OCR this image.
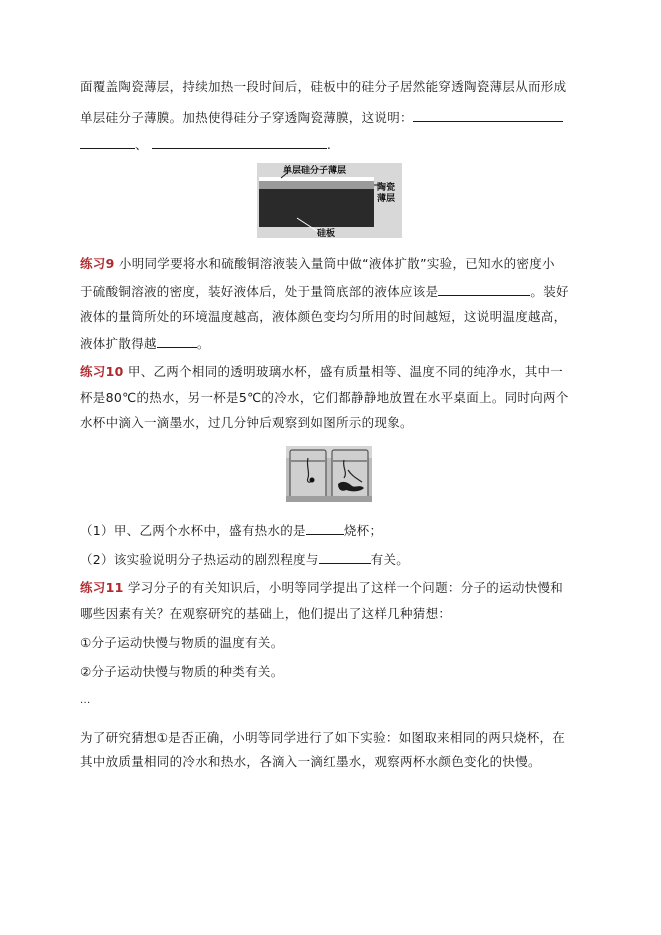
面覆盖陶瓷薄层，持续加热一段时间后，硅板中的硅分子居然能穿透陶瓷薄层从而形成
单层硅分子薄膜。加热使得硅分子穿透陶瓷薄膜，这说明：
、	.
单层硅分子薄层
陶瓷
薄层
硅板
练习9 小明同学要将水和硫酸铜溶液装入量筒中做“液体扩散”实验，已知水的密度小
于硫酸铜溶液的密度，装好液体后，处于量筒底部的液体应该是	。装好
液体的量筒所处的环境温度越高，液体颜色变均匀所用的时间越短，这说明温度越高，
液体扩散得越	。
练习10 甲、乙两个相同的透明玻璃水杯，盛有质量相等、温度不同的纯净水，其中一
杯是80℃的热水，另一杯是5℃的冷水，它们都静静地放置在水平桌面上。同时向两个
水杯中滴入一滴墨水，过几分钟后观察到如图所示的现象。
（1）甲、乙两个水杯中，盛有热水的是	烧杯；
（2）该实验说明分子热运动的剧烈程度与	有关。
练习11 学习分子的有关知识后，小明等同学提出了这样一个问题：分子的运动快慢和
哪些因素有关？在观察研究的基础上，他们提出了这样几种猜想：
①分子运动快慢与物质的温度有关。
②分子运动快慢与物质的种类有关。
···
为了研究猜想①是否正确，小明等同学进行了如下实验：如图取来相同的两只烧杯，在
其中放质量相同的冷水和热水，各滴入一滴红墨水，观察两杯水颜色变化的快慢。
